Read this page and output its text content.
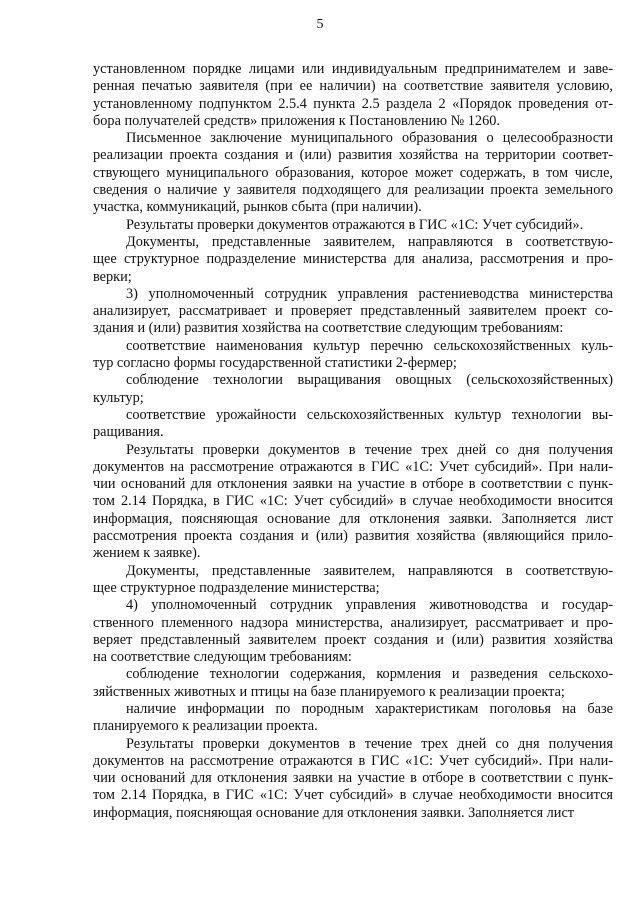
5
установленном порядке лицами или индивидуальным предпринимателем и заве-
ренная печатью заявителя (при ее наличии) на соответствие заявителя условию,
установленному подпунктом 2.5.4 пункта 2.5 раздела 2 «Порядок проведения от-
бора получателей средств» приложения к Постановлению № 1260.
Письменное заключение муниципального образования о целесообразности
реализации проекта создания и (или) развития хозяйства на территории соответ-
ствующего муниципального образования, которое может содержать, в том числе,
сведения о наличие у заявителя подходящего для реализации проекта земельного
участка, коммуникаций, рынков сбыта (при наличии).
Результаты проверки документов отражаются в ГИС «1С: Учет субсидий».
Документы, представленные заявителем, направляются в соответствую-
щее структурное подразделение министерства для анализа, рассмотрения и про-
верки;
3) уполномоченный сотрудник управления растениеводства министерства
анализирует, рассматривает и проверяет представленный заявителем проект со-
здания и (или) развития хозяйства на соответствие следующим требованиям:
соответствие наименования культур перечню сельскохозяйственных куль-
тур согласно формы государственной статистики 2-фермер;
соблюдение технологии выращивания овощных (сельскохозяйственных)
культур;
соответствие урожайности сельскохозяйственных культур технологии вы-
ращивания.
Результаты проверки документов в течение трех дней со дня получения
документов на рассмотрение отражаются в ГИС «1С: Учет субсидий». При нали-
чии оснований для отклонения заявки на участие в отборе в соответствии с пунк-
том 2.14 Порядка, в ГИС «1С: Учет субсидий» в случае необходимости вносится
информация, поясняющая основание для отклонения заявки. Заполняется лист
рассмотрения проекта создания и (или) развития хозяйства (являющийся прило-
жением к заявке).
Документы, представленные заявителем, направляются в соответствую-
щее структурное подразделение министерства;
4) уполномоченный сотрудник управления животноводства и государ-
ственного племенного надзора министерства, анализирует, рассматривает и про-
веряет представленный заявителем проект создания и (или) развития хозяйства
на соответствие следующим требованиям:
соблюдение технологии содержания, кормления и разведения сельскохо-
зяйственных животных и птицы на базе планируемого к реализации проекта;
наличие информации по породным характеристикам поголовья на базе
планируемого к реализации проекта.
Результаты проверки документов в течение трех дней со дня получения
документов на рассмотрение отражаются в ГИС «1С: Учет субсидий». При нали-
чии оснований для отклонения заявки на участие в отборе в соответствии с пунк-
том 2.14 Порядка, в ГИС «1С: Учет субсидий» в случае необходимости вносится
информация, поясняющая основание для отклонения заявки. Заполняется лист
